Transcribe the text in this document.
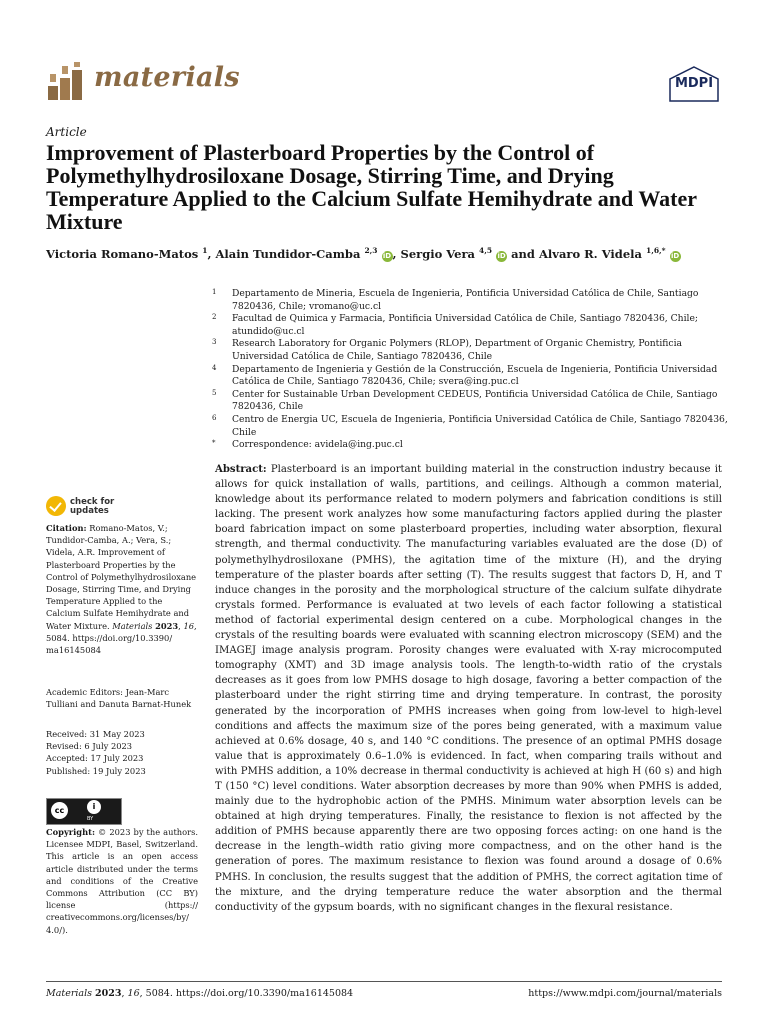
materials	MDPI
Article
Improvement of Plasterboard Properties by the Control of Polymethylhydrosiloxane Dosage, Stirring Time, and Drying Temperature Applied to the Calcium Sulfate Hemihydrate and Water Mixture
Victoria Romano-Matos $^1$, Alain Tundidor-Camba $^{2,3}$ iD, Sergio Vera $^{4,5}$ iD and Alvaro R. Videla $^{1,6,*}$ iD
1 Departamento de Mineria, Escuela de Ingenieria, Pontificia Universidad Católica de Chile, Santiago 7820436, Chile; vromano@uc.cl
2 Facultad de Quimica y Farmacia, Pontificia Universidad Católica de Chile, Santiago 7820436, Chile; atundido@uc.cl
3 Research Laboratory for Organic Polymers (RLOP), Department of Organic Chemistry, Pontificia Universidad Católica de Chile, Santiago 7820436, Chile
4 Departamento de Ingenieria y Gestión de la Construcción, Escuela de Ingenieria, Pontificia Universidad Católica de Chile, Santiago 7820436, Chile; svera@ing.puc.cl
5 Center for Sustainable Urban Development CEDEUS, Pontificia Universidad Católica de Chile, Santiago 7820436, Chile
6 Centro de Energia UC, Escuela de Ingenieria, Pontificia Universidad Católica de Chile, Santiago 7820436, Chile
* Correspondence: avidela@ing.puc.cl
Abstract: Plasterboard is an important building material in the construction industry because it allows for quick installation of walls, partitions, and ceilings. Although a common material, knowledge about its performance related to modern polymers and fabrication conditions is still lacking. The present work analyzes how some manufacturing factors applied during the plaster board fabrication impact on some plasterboard properties, including water absorption, flexural strength, and thermal conductivity. The manufacturing variables evaluated are the dose (D) of polymethylhydrosiloxane (PMHS), the agitation time of the mixture (H), and the drying temperature of the plaster boards after setting (T). The results suggest that factors D, H, and T induce changes in the porosity and the morphological structure of the calcium sulfate dihydrate crystals formed. Performance is evaluated at two levels of each factor following a statistical method of factorial experimental design centered on a cube. Morphological changes in the crystals of the resulting boards were evaluated with scanning electron microscopy (SEM) and the IMAGEJ image analysis program. Porosity changes were evaluated with X-ray microcomputed tomography (XMT) and 3D image analysis tools. The length-to-width ratio of the crystals decreases as it goes from low PMHS dosage to high dosage, favoring a better compaction of the plasterboard under the right stirring time and drying temperature. In contrast, the porosity generated by the incorporation of PMHS increases when going from low-level to high-level conditions and affects the maximum size of the pores being generated, with a maximum value achieved at 0.6% dosage, 40 s, and 140 °C conditions. The presence of an optimal PMHS dosage value that is approximately 0.6–1.0% is evidenced. In fact, when comparing trails without and with PMHS addition, a 10% decrease in thermal conductivity is achieved at high H (60 s) and high T (150 °C) level conditions. Water absorption decreases by more than 90% when PMHS is added, mainly due to the hydrophobic action of the PMHS. Minimum water absorption levels can be obtained at high drying temperatures. Finally, the resistance to flexion is not affected by the addition of PMHS because apparently there are two opposing forces acting: on one hand is the decrease in the length–width ratio giving more compactness, and on the other hand is the generation of pores. The maximum resistance to flexion was found around a dosage of 0.6% PMHS. In conclusion, the results suggest that the addition of PMHS, the correct agitation time of the mixture, and the drying temperature reduce the water absorption and the thermal conductivity of the gypsum boards, with no significant changes in the flexural resistance.
check for updates
Citation: Romano-Matos, V.; Tundidor-Camba, A.; Vera, S.; Videla, A.R. Improvement of Plasterboard Properties by the Control of Polymethylhydrosiloxane Dosage, Stirring Time, and Drying Temperature Applied to the Calcium Sulfate Hemihydrate and Water Mixture. Materials 2023, 16, 5084. https://doi.org/10.3390/ ma16145084
Academic Editors: Jean-Marc Tulliani and Danuta Barnat-Hunek
Received: 31 May 2023
Revised: 6 July 2023
Accepted: 17 July 2023
Published: 19 July 2023
cc	i
BY
Copyright: © 2023 by the authors. Licensee MDPI, Basel, Switzerland. This article is an open access article distributed under the terms and conditions of the Creative Commons Attribution (CC BY) license (https:// creativecommons.org/licenses/by/ 4.0/).
Materials 2023, 16, 5084. https://doi.org/10.3390/ma16145084	https://www.mdpi.com/journal/materials
